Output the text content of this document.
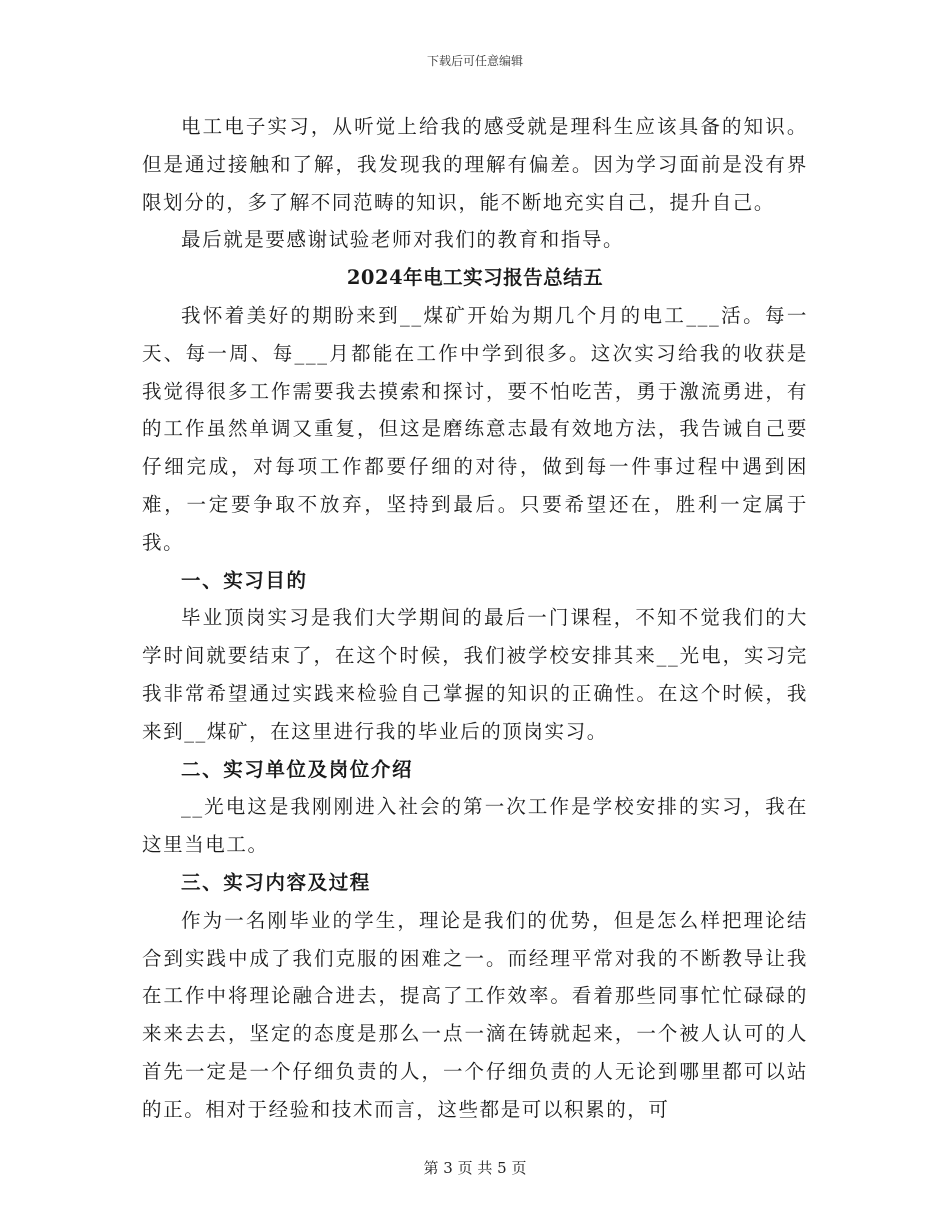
下载后可任意编辑

电工电子实习，从听觉上给我的感受就是理科生应该具备的知识。但是通过接触和了解，我发现我的理解有偏差。因为学习面前是没有界限划分的，多了解不同范畴的知识，能不断地充实自己，提升自己。

最后就是要感谢试验老师对我们的教育和指导。

2024年电工实习报告总结五

我怀着美好的期盼来到__煤矿开始为期几个月的电工___活。每一天、每一周、每___月都能在工作中学到很多。这次实习给我的收获是我觉得很多工作需要我去摸索和探讨，要不怕吃苦，勇于激流勇进，有的工作虽然单调又重复，但这是磨练意志最有效地方法，我告诫自己要仔细完成，对每项工作都要仔细的对待，做到每一件事过程中遇到困难，一定要争取不放弃，坚持到最后。只要希望还在，胜利一定属于我。

一、实习目的

毕业顶岗实习是我们大学期间的最后一门课程，不知不觉我们的大学时间就要结束了，在这个时候，我们被学校安排其来__光电，实习完我非常希望通过实践来检验自己掌握的知识的正确性。在这个时候，我来到__煤矿，在这里进行我的毕业后的顶岗实习。

二、实习单位及岗位介绍

__光电这是我刚刚进入社会的第一次工作是学校安排的实习，我在这里当电工。

三、实习内容及过程

作为一名刚毕业的学生，理论是我们的优势，但是怎么样把理论结合到实践中成了我们克服的困难之一。而经理平常对我的不断教导让我在工作中将理论融合进去，提高了工作效率。看着那些同事忙忙碌碌的来来去去，坚定的态度是那么一点一滴在铸就起来，一个被人认可的人首先一定是一个仔细负责的人，一个仔细负责的人无论到哪里都可以站的正。相对于经验和技术而言，这些都是可以积累的，可

第 3 页 共 5 页
